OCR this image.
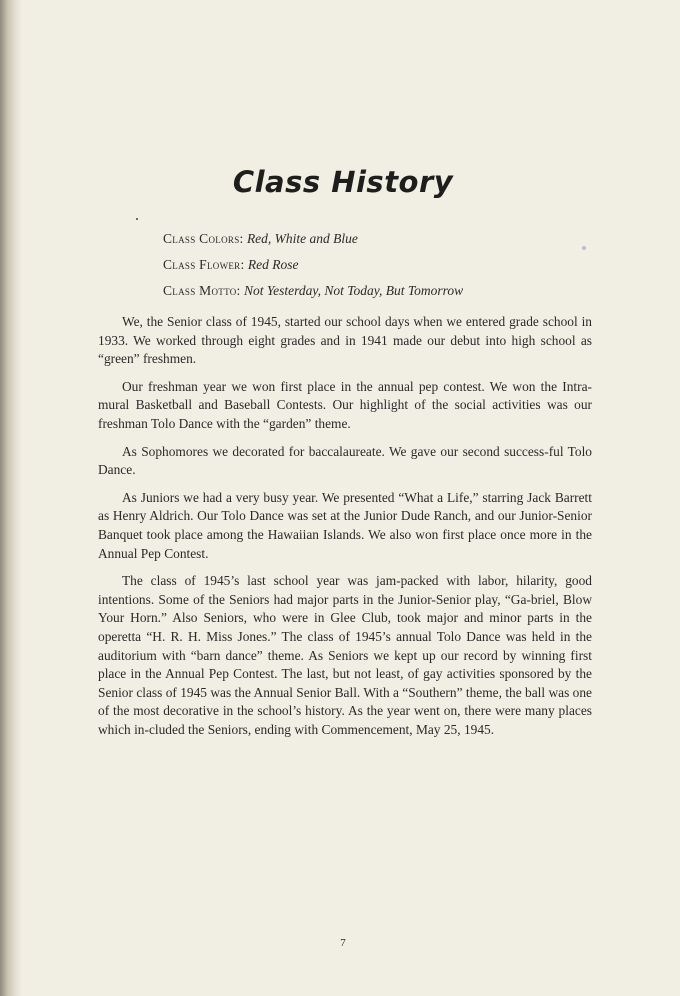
Class History
Class Colors: Red, White and Blue
Class Flower: Red Rose
Class Motto: Not Yesterday, Not Today, But Tomorrow

We, the Senior class of 1945, started our school days when we entered grade school in 1933. We worked through eight grades and in 1941 made our debut into high school as “green” freshmen.

Our freshman year we won first place in the annual pep contest. We won the Intra-mural Basketball and Baseball Contests. Our highlight of the social activities was our freshman Tolo Dance with the “garden” theme.

As Sophomores we decorated for baccalaureate. We gave our second success-ful Tolo Dance.

As Juniors we had a very busy year. We presented “What a Life,” starring Jack Barrett as Henry Aldrich. Our Tolo Dance was set at the Junior Dude Ranch, and our Junior-Senior Banquet took place among the Hawaiian Islands. We also won first place once more in the Annual Pep Contest.

The class of 1945’s last school year was jam-packed with labor, hilarity, good intentions. Some of the Seniors had major parts in the Junior-Senior play, “Ga-briel, Blow Your Horn.” Also Seniors, who were in Glee Club, took major and minor parts in the operetta “H. R. H. Miss Jones.” The class of 1945’s annual Tolo Dance was held in the auditorium with “barn dance” theme. As Seniors we kept up our record by winning first place in the Annual Pep Contest. The last, but not least, of gay activities sponsored by the Senior class of 1945 was the Annual Senior Ball. With a “Southern” theme, the ball was one of the most decorative in the school’s history. As the year went on, there were many places which in-cluded the Seniors, ending with Commencement, May 25, 1945.

7
